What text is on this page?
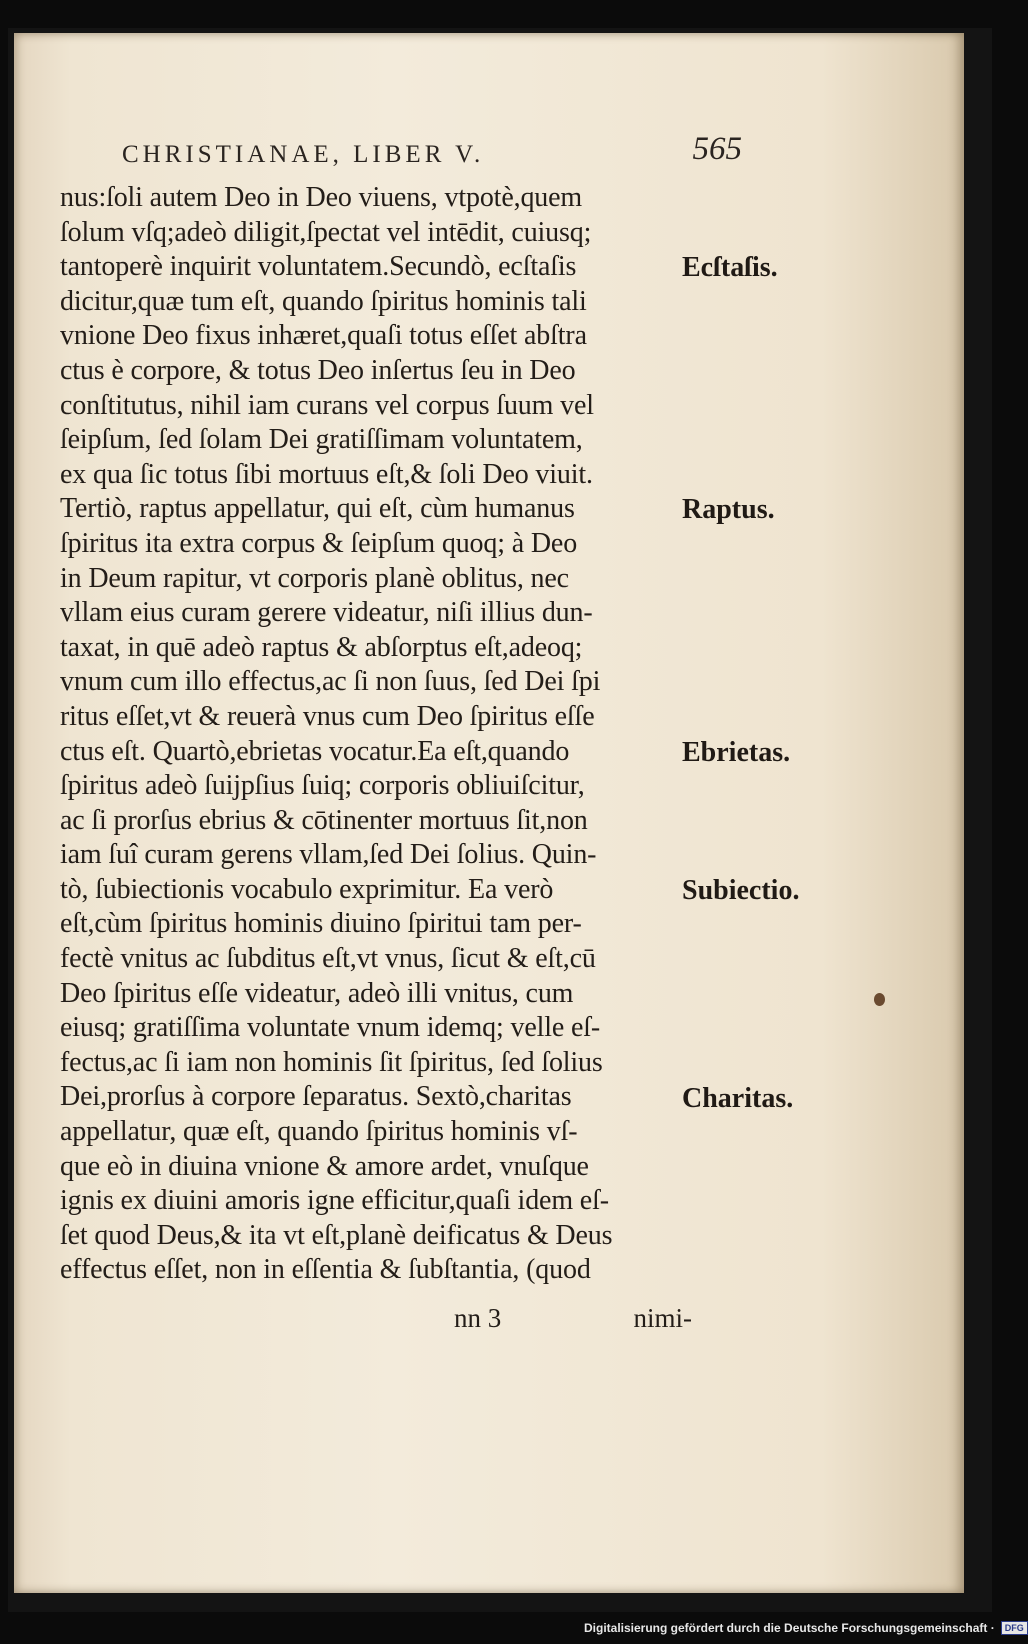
CHRISTIANAE, LIBER V.	565
nus:ſoli autem Deo in Deo viuens, vtpotè,quem
ſolum vſq;adeò diligit,ſpectat vel intēdit, cuiusq;
tantoperè inquirit voluntatem.Secundò, ecſtaſis
dicitur,quæ tum eſt, quando ſpiritus hominis tali
vnione Deo fixus inhæret,quaſi totus eſſet abſtra
ctus è corpore, & totus Deo inſertus ſeu in Deo
conſtitutus, nihil iam curans vel corpus ſuum vel
ſeipſum, ſed ſolam Dei gratiſſimam voluntatem,
ex qua ſic totus ſibi mortuus eſt,& ſoli Deo viuit.
Tertiò, raptus appellatur, qui eſt, cùm humanus
ſpiritus ita extra corpus & ſeipſum quoq; à Deo
in Deum rapitur, vt corporis planè oblitus, nec
vllam eius curam gerere videatur, niſi illius dun-
taxat, in quē adeò raptus & abſorptus eſt,adeoq;
vnum cum illo effectus,ac ſi non ſuus, ſed Dei ſpi
ritus eſſet,vt & reuerà vnus cum Deo ſpiritus eſſe
ctus eſt. Quartò,ebrietas vocatur.Ea eſt,quando
ſpiritus adeò ſuijpſius ſuiq; corporis obliuiſcitur,
ac ſi prorſus ebrius & cōtinenter mortuus ſit,non
iam ſuî curam gerens vllam,ſed Dei ſolius. Quin-
tò, ſubiectionis vocabulo exprimitur. Ea verò
eſt,cùm ſpiritus hominis diuino ſpiritui tam per-
fectè vnitus ac ſubditus eſt,vt vnus, ſicut & eſt,cū
Deo ſpiritus eſſe videatur, adeò illi vnitus, cum
eiusq; gratiſſima voluntate vnum idemq; velle eſ-
fectus,ac ſi iam non hominis ſit ſpiritus, ſed ſolius
Dei,prorſus à corpore ſeparatus. Sextò,charitas
appellatur, quæ eſt, quando ſpiritus hominis vſ-
que eò in diuina vnione & amore ardet, vnuſque
ignis ex diuini amoris igne efficitur,quaſi idem eſ-
ſet quod Deus,& ita vt eſt,planè deificatus & Deus
effectus eſſet, non in eſſentia & ſubſtantia, (quod
Ecſtaſis.
Raptus.
Ebrietas.
Subiectio.
Charitas.
nn 3	nimi-
Digitalisierung gefördert durch die Deutsche Forschungsgemeinschaft ·	DFG
